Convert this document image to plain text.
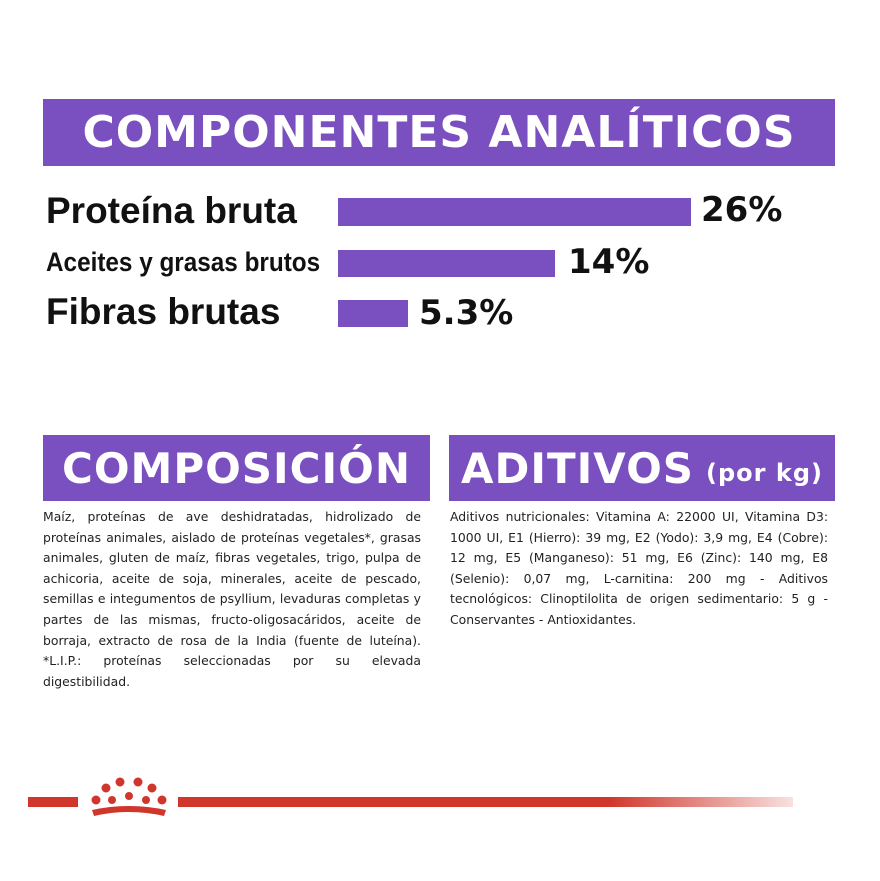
COMPONENTES ANALÍTICOS
Proteína bruta	26%
Aceites y grasas brutos	14%
Fibras brutas	5.3%
COMPOSICIÓN ADITIVOS (por kg)
Maíz, proteínas de ave deshidratadas, hidrolizado de proteínas animales, aislado de proteínas vegetales*, grasas animales, gluten de maíz, fibras vegetales, trigo, pulpa de achicoria, aceite de soja, minerales, aceite de pescado, semillas e integumentos de psyllium, levaduras completas y partes de las mismas, fructo-oligosacáridos, aceite de borraja, extracto de rosa de la India (fuente de luteína). *L.I.P.: proteínas seleccionadas por su elevada digestibilidad.
Aditivos nutricionales: Vitamina A: 22000 UI, Vitamina D3: 1000 UI, E1 (Hierro): 39 mg, E2 (Yodo): 3,9 mg, E4 (Cobre): 12 mg, E5 (Manganeso): 51 mg, E6 (Zinc): 140 mg, E8 (Selenio): 0,07 mg, L-carnitina: 200 mg - Aditivos tecnológicos: Clinoptilolita de origen sedimentario: 5 g - Conservantes - Antioxidantes.
